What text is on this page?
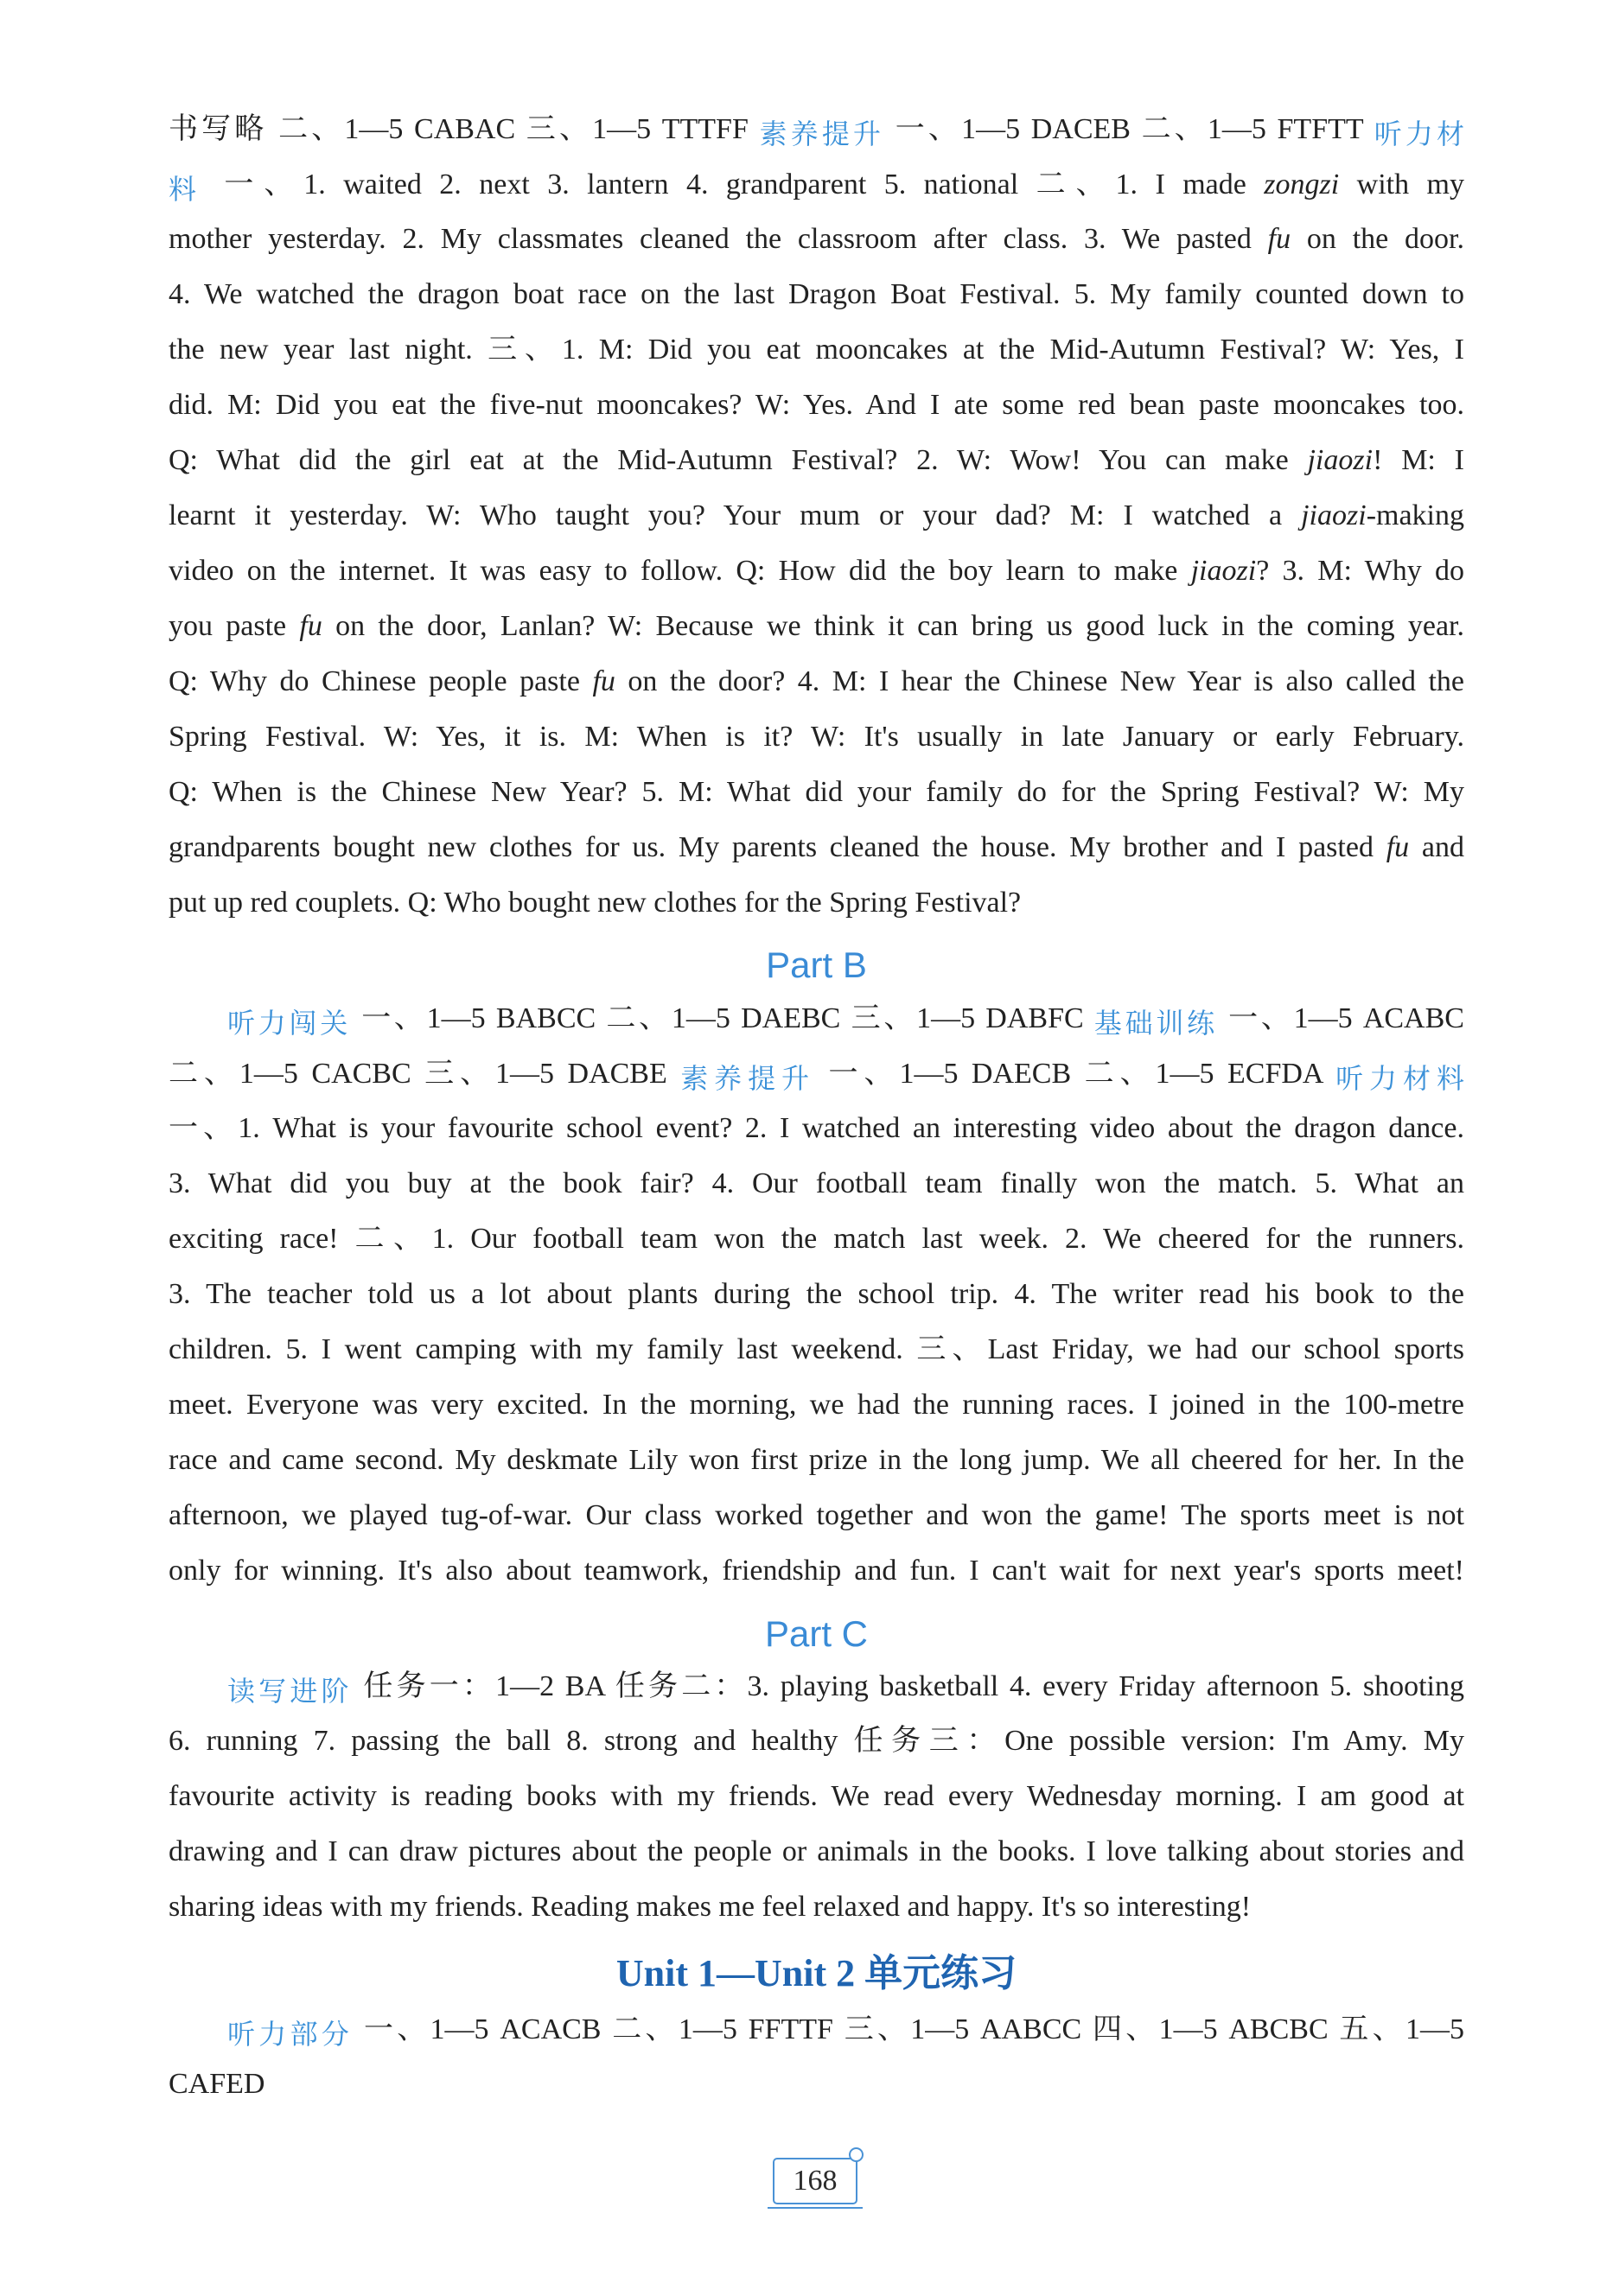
书写略 二、1—5 CABAC 三、1—5 TTTFF 素养提升 一、1—5 DACEB 二、1—5 FTFTT 听力材
料 一、1. waited 2. next 3. lantern 4. grandparent 5. national 二、1. I made zongzi with my
mother yesterday. 2. My classmates cleaned the classroom after class. 3. We pasted fu on the door.
4. We watched the dragon boat race on the last Dragon Boat Festival. 5. My family counted down to
the new year last night. 三、1. M: Did you eat mooncakes at the Mid-Autumn Festival? W: Yes, I
did. M: Did you eat the five-nut mooncakes? W: Yes. And I ate some red bean paste mooncakes too.
Q: What did the girl eat at the Mid-Autumn Festival? 2. W: Wow! You can make jiaozi! M: I
learnt it yesterday. W: Who taught you? Your mum or your dad? M: I watched a jiaozi-making
video on the internet. It was easy to follow. Q: How did the boy learn to make jiaozi? 3. M: Why do
you paste fu on the door, Lanlan? W: Because we think it can bring us good luck in the coming year.
Q: Why do Chinese people paste fu on the door? 4. M: I hear the Chinese New Year is also called the
Spring Festival. W: Yes, it is. M: When is it? W: It's usually in late January or early February.
Q: When is the Chinese New Year? 5. M: What did your family do for the Spring Festival? W: My
grandparents bought new clothes for us. My parents cleaned the house. My brother and I pasted fu and
put up red couplets. Q: Who bought new clothes for the Spring Festival?
Part B
听力闯关 一、1—5 BABCC 二、1—5 DAEBC 三、1—5 DABFC 基础训练 一、1—5 ACABC
二、1—5 CACBC 三、1—5 DACBE 素养提升 一、1—5 DAECB 二、1—5 ECFDA 听力材料
一、1. What is your favourite school event? 2. I watched an interesting video about the dragon dance.
3. What did you buy at the book fair? 4. Our football team finally won the match. 5. What an
exciting race! 二、1. Our football team won the match last week. 2. We cheered for the runners.
3. The teacher told us a lot about plants during the school trip. 4. The writer read his book to the
children. 5. I went camping with my family last weekend. 三、Last Friday, we had our school sports
meet. Everyone was very excited. In the morning, we had the running races. I joined in the 100-metre
race and came second. My deskmate Lily won first prize in the long jump. We all cheered for her. In the
afternoon, we played tug-of-war. Our class worked together and won the game! The sports meet is not
only for winning. It's also about teamwork, friendship and fun. I can't wait for next year's sports meet!
Part C
读写进阶 任务一：1—2 BA 任务二：3. playing basketball 4. every Friday afternoon 5. shooting
6. running 7. passing the ball 8. strong and healthy 任务三：One possible version: I'm Amy. My
favourite activity is reading books with my friends. We read every Wednesday morning. I am good at
drawing and I can draw pictures about the people or animals in the books. I love talking about stories and
sharing ideas with my friends. Reading makes me feel relaxed and happy. It's so interesting!
Unit 1—Unit 2 单元练习
听力部分 一、1—5 ACACB 二、1—5 FFTTF 三、1—5 AABCC 四、1—5 ABCBC 五、1—5
CAFED
168
